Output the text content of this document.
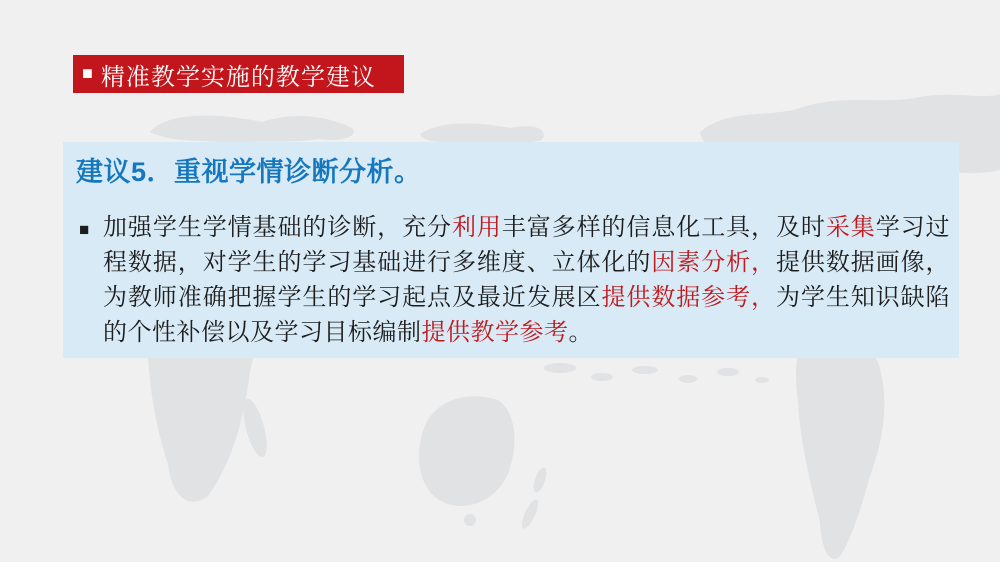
■ 精准教学实施的教学建议
建议5．重视学情诊断分析。
■ 加强学生学情基础的诊断，充分利用丰富多样的信息化工具，及时采集学习过程数据，对学生的学习基础进行多维度、立体化的因素分析，提供数据画像，为教师准确把握学生的学习起点及最近发展区提供数据参考，为学生知识缺陷的个性补偿以及学习目标编制提供教学参考。
